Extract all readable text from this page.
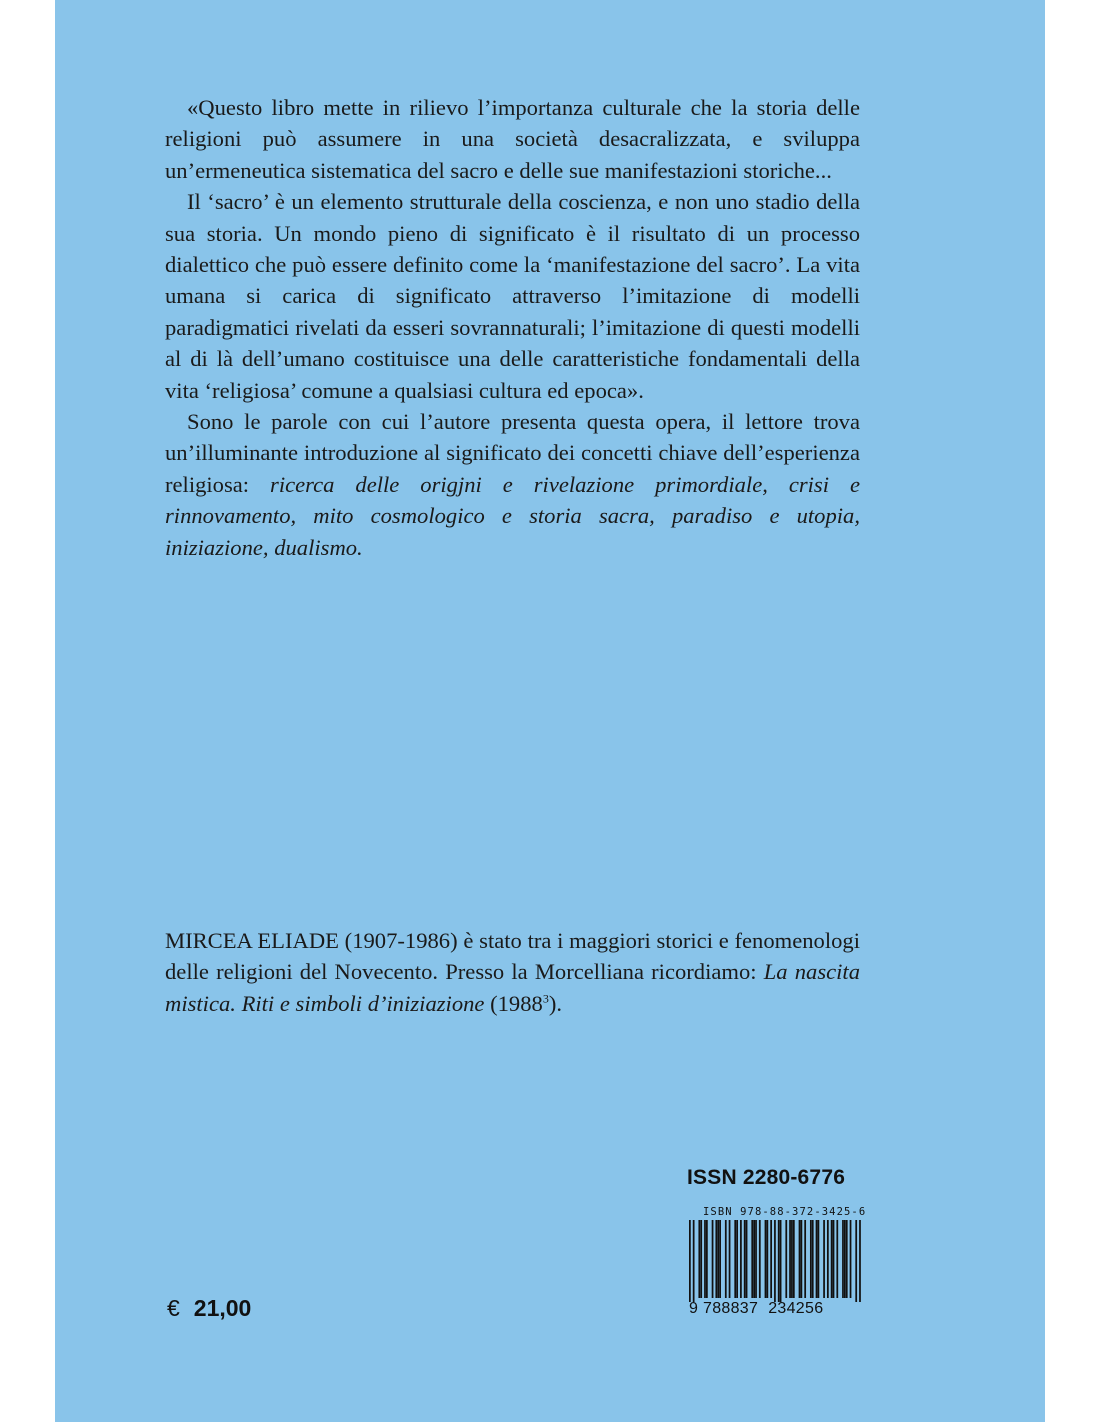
«Questo libro mette in rilievo l’importanza culturale che la storia delle religioni può assumere in una società desacralizzata, e sviluppa un’ermeneutica sistematica del sacro e delle sue manifestazioni storiche...

Il ‘sacro’ è un elemento strutturale della coscienza, e non uno stadio della sua storia. Un mondo pieno di significato è il risultato di un processo dialettico che può essere definito come la ‘manifestazione del sacro’. La vita umana si carica di significato attraverso l’imitazione di modelli paradigmatici rivelati da esseri sovrannaturali; l’imitazione di questi modelli al di là dell’umano costituisce una delle caratteristiche fondamentali della vita ‘religiosa’ comune a qualsiasi cultura ed epoca».

Sono le parole con cui l’autore presenta questa opera, il lettore trova un’illuminante introduzione al significato dei concetti chiave dell’esperienza religiosa: ricerca delle origjni e rivelazione primordiale, crisi e rinnovamento, mito cosmologico e storia sacra, paradiso e utopia, iniziazione, dualismo.

MIRCEA ELIADE (1907-1986) è stato tra i maggiori storici e fenomenologi delle religioni del Novecento. Presso la Morcelliana ricordiamo: La nascita mistica. Riti e simboli d’iniziazione (1988$^3$).

ISSN 2280-6776
ISBN 978-88-372-3425-6
9 788837 234256
€ 21,00
